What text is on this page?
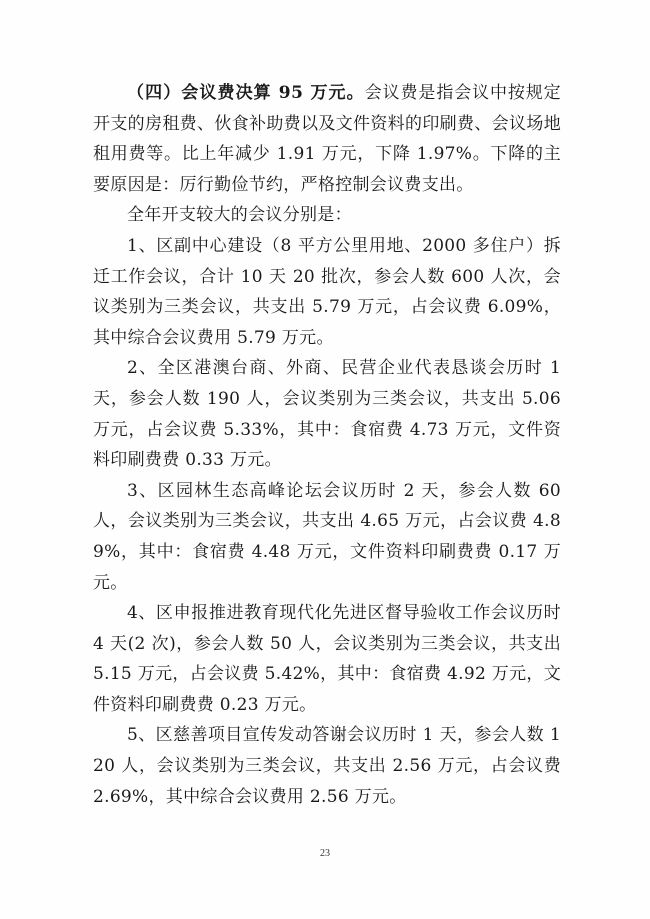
（四）会议费决算 95 万元。会议费是指会议中按规定开支的房租费、伙食补助费以及文件资料的印刷费、会议场地租用费等。比上年减少 1.91 万元，下降 1.97%。下降的主要原因是：厉行勤俭节约，严格控制会议费支出。

全年开支较大的会议分别是：

1、区副中心建设（8 平方公里用地、2000 多住户）拆迁工作会议，合计 10 天 20 批次，参会人数 600 人次，会议类别为三类会议，共支出 5.79 万元，占会议费 6.09%，其中综合会议费用 5.79 万元。

2、全区港澳台商、外商、民营企业代表恳谈会历时 1 天，参会人数 190 人，会议类别为三类会议，共支出 5.06 万元，占会议费 5.33%，其中：食宿费 4.73 万元，文件资料印刷费费 0.33 万元。

3、区园林生态高峰论坛会议历时 2 天，参会人数 60 人，会议类别为三类会议，共支出 4.65 万元，占会议费 4.89%，其中：食宿费 4.48 万元，文件资料印刷费费 0.17 万元。

4、区申报推进教育现代化先进区督导验收工作会议历时 4 天(2 次)，参会人数 50 人，会议类别为三类会议，共支出 5.15 万元，占会议费 5.42%，其中：食宿费 4.92 万元，文件资料印刷费费 0.23 万元。

5、区慈善项目宣传发动答谢会议历时 1 天，参会人数 120 人，会议类别为三类会议，共支出 2.56 万元，占会议费 2.69%，其中综合会议费用 2.56 万元。

23
